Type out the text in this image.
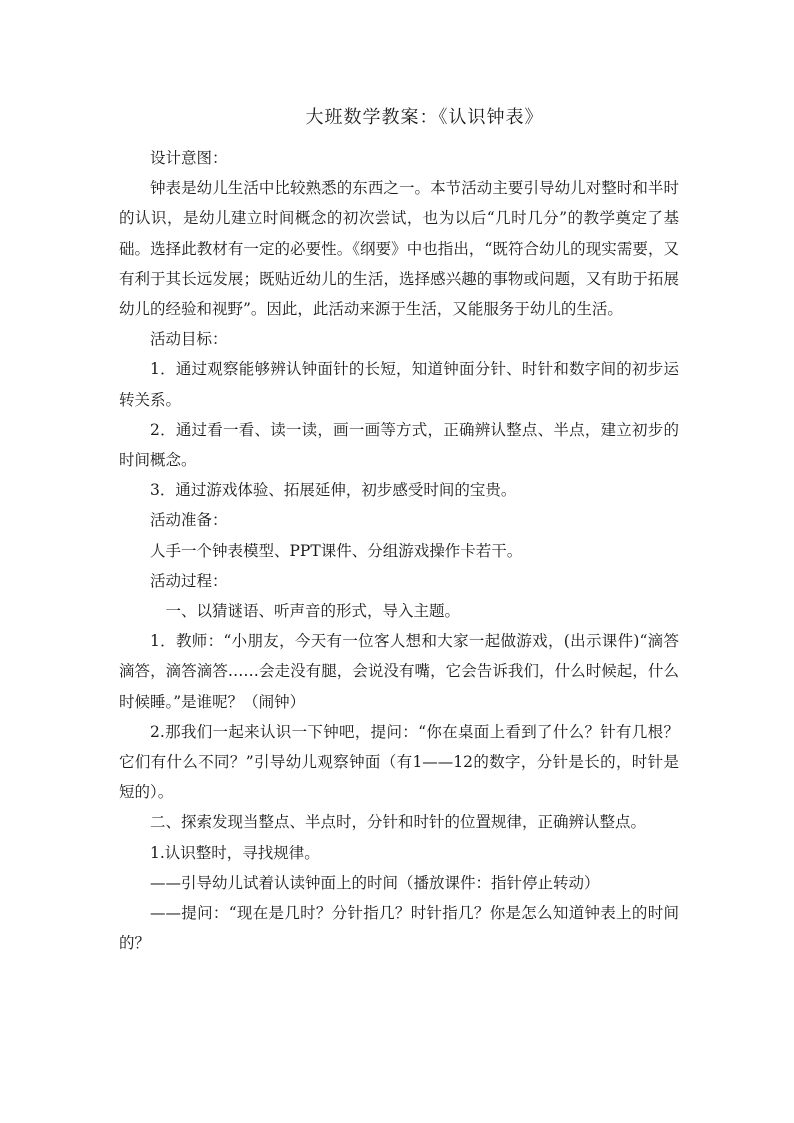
大班数学教案：《认识钟表》

设计意图：

钟表是幼儿生活中比较熟悉的东西之一。本节活动主要引导幼儿对整时和半时的认识，是幼儿建立时间概念的初次尝试，也为以后“几时几分”的教学奠定了基础。选择此教材有一定的必要性。《纲要》中也指出，“既符合幼儿的现实需要，又有利于其长远发展；既贴近幼儿的生活，选择感兴趣的事物或问题，又有助于拓展幼儿的经验和视野”。因此，此活动来源于生活，又能服务于幼儿的生活。

活动目标：

1．通过观察能够辨认钟面针的长短，知道钟面分针、时针和数字间的初步运转关系。

2．通过看一看、读一读，画一画等方式，正确辨认整点、半点，建立初步的时间概念。

3．通过游戏体验、拓展延伸，初步感受时间的宝贵。

活动准备：

人手一个钟表模型、PPT课件、分组游戏操作卡若干。

活动过程：

一、以猜谜语、听声音的形式，导入主题。

1．教师：“小朋友，今天有一位客人想和大家一起做游戏，(出示课件)“滴答滴答，滴答滴答……会走没有腿，会说没有嘴，它会告诉我们，什么时候起，什么时候睡。”是谁呢？（闹钟）

2.那我们一起来认识一下钟吧，提问：“你在桌面上看到了什么？针有几根？它们有什么不同？”引导幼儿观察钟面（有1——12的数字，分针是长的，时针是短的）。

二、探索发现当整点、半点时，分针和时针的位置规律，正确辨认整点。

1.认识整时，寻找规律。

——引导幼儿试着认读钟面上的时间（播放课件：指针停止转动）

——提问：“现在是几时？分针指几？时针指几？你是怎么知道钟表上的时间的？
